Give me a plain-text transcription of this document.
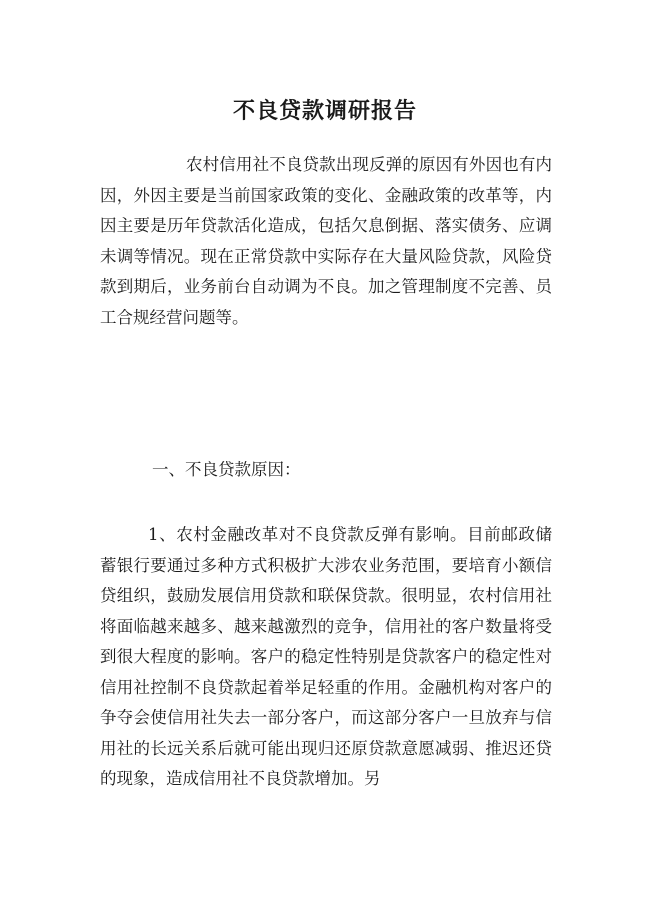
不良贷款调研报告

农村信用社不良贷款出现反弹的原因有外因也有内因，外因主要是当前国家政策的变化、金融政策的改革等，内因主要是历年贷款活化造成，包括欠息倒据、落实债务、应调未调等情况。现在正常贷款中实际存在大量风险贷款，风险贷款到期后，业务前台自动调为不良。加之管理制度不完善、员工合规经营问题等。

一、不良贷款原因：

1、农村金融改革对不良贷款反弹有影响。目前邮政储蓄银行要通过多种方式积极扩大涉农业务范围，要培育小额信贷组织，鼓励发展信用贷款和联保贷款。很明显，农村信用社将面临越来越多、越来越激烈的竞争，信用社的客户数量将受到很大程度的影响。客户的稳定性特别是贷款客户的稳定性对信用社控制不良贷款起着举足轻重的作用。金融机构对客户的争夺会使信用社失去一部分客户，而这部分客户一旦放弃与信用社的长远关系后就可能出现归还原贷款意愿减弱、推迟还贷的现象，造成信用社不良贷款增加。另
